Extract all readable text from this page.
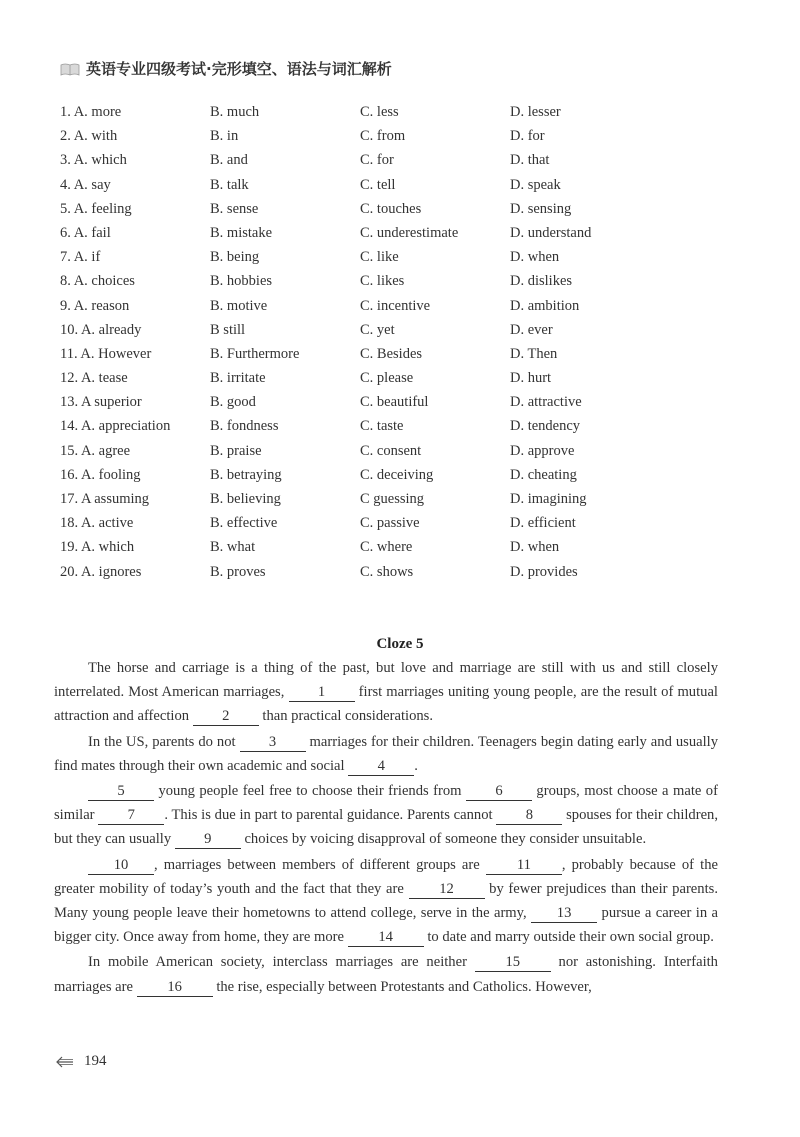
英语专业四级考试·完形填空、语法与词汇解析
1. A. more	B. much	C. less	D. lesser
2. A. with	B. in	C. from	D. for
3. A. which	B. and	C. for	D. that
4. A. say	B. talk	C. tell	D. speak
5. A. feeling	B. sense	C. touches	D. sensing
6. A. fail	B. mistake	C. underestimate	D. understand
7. A. if	B. being	C. like	D. when
8. A. choices	B. hobbies	C. likes	D. dislikes
9. A. reason	B. motive	C. incentive	D. ambition
10. A. already	B still	C. yet	D. ever
11. A. However	B. Furthermore	C. Besides	D. Then
12. A. tease	B. irritate	C. please	D. hurt
13. A superior	B. good	C. beautiful	D. attractive
14. A. appreciation	B. fondness	C. taste	D. tendency
15. A. agree	B. praise	C. consent	D. approve
16. A. fooling	B. betraying	C. deceiving	D. cheating
17. A assuming	B. believing	C guessing	D. imagining
18. A. active	B. effective	C. passive	D. efficient
19. A. which	B. what	C. where	D. when
20. A. ignores	B. proves	C. shows	D. provides
Cloze 5

The horse and carriage is a thing of the past, but love and marriage are still with us and still closely interrelated. Most American marriages, 1 first marriages uniting young people, are the result of mutual attraction and affection 2 than practical considerations.

In the US, parents do not 3 marriages for their children. Teenagers begin dating early and usually find mates through their own academic and social 4 .

5 young people feel free to choose their friends from 6 groups, most choose a mate of similar 7 . This is due in part to parental guidance. Parents cannot 8 spouses for their children, but they can usually 9 choices by voicing disapproval of someone they consider unsuitable.

10 , marriages between members of different groups are	11 , probably because of the greater mobility of today’s youth and the fact that they are 12 by fewer prejudices than their parents. Many young people leave their hometowns to attend college, serve in the army, 13 pursue a career in a bigger city. Once away from home, they are more 14 to date and marry outside their own social group.

In mobile American society, interclass marriages are neither	15	nor astonishing. Interfaith marriages are 16 the rise, especially between Protestants and Catholics. However,

194
